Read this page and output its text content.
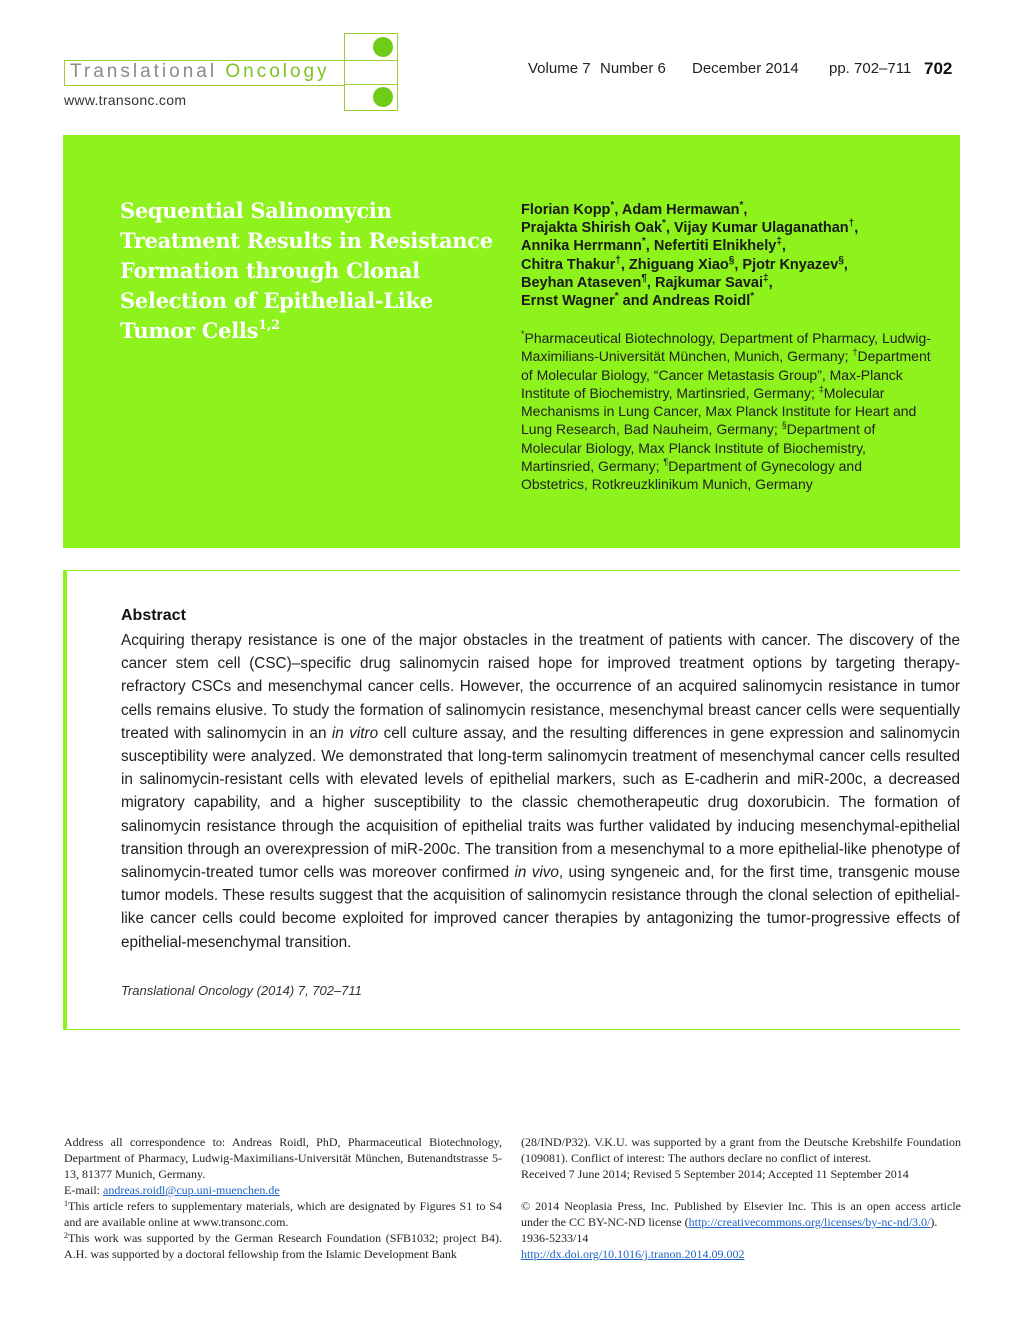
Translational Oncology
www.transonc.com
Volume 7 Number 6 December 2014 pp. 702–711 702
Sequential Salinomycin Treatment Results in Resistance Formation through Clonal Selection of Epithelial-Like Tumor Cells$^{1,2}$
Florian Kopp*, Adam Hermawan*,
Prajakta Shirish Oak*, Vijay Kumar Ulaganathan†,
Annika Herrmann*, Nefertiti Elnikhely‡,
Chitra Thakur†, Zhiguang Xiao§, Pjotr Knyazev§,
Beyhan Ataseven¶, Rajkumar Savai‡,
Ernst Wagner* and Andreas Roidl*
*Pharmaceutical Biotechnology, Department of Pharmacy, Ludwig-Maximilians-Universität München, Munich, Germany; †Department of Molecular Biology, “Cancer Metastasis Group”, Max-Planck Institute of Biochemistry, Martinsried, Germany; ‡Molecular Mechanisms in Lung Cancer, Max Planck Institute for Heart and Lung Research, Bad Nauheim, Germany; §Department of Molecular Biology, Max Planck Institute of Biochemistry, Martinsried, Germany; ¶Department of Gynecology and Obstetrics, Rotkreuzklinikum Munich, Germany
Abstract
Acquiring therapy resistance is one of the major obstacles in the treatment of patients with cancer. The discovery of the cancer stem cell (CSC)–specific drug salinomycin raised hope for improved treatment options by targeting therapy-refractory CSCs and mesenchymal cancer cells. However, the occurrence of an acquired salinomycin resistance in tumor cells remains elusive. To study the formation of salinomycin resistance, mesenchymal breast cancer cells were sequentially treated with salinomycin in an in vitro cell culture assay, and the resulting differences in gene expression and salinomycin susceptibility were analyzed. We demonstrated that long-term salinomycin treatment of mesenchymal cancer cells resulted in salinomycin-resistant cells with elevated levels of epithelial markers, such as E-cadherin and miR-200c, a decreased migratory capability, and a higher susceptibility to the classic chemotherapeutic drug doxorubicin. The formation of salinomycin resistance through the acquisition of epithelial traits was further validated by inducing mesenchymal-epithelial transition through an overexpression of miR-200c. The transition from a mesenchymal to a more epithelial-like phenotype of salinomycin-treated tumor cells was moreover confirmed in vivo, using syngeneic and, for the first time, transgenic mouse tumor models. These results suggest that the acquisition of salinomycin resistance through the clonal selection of epithelial-like cancer cells could become exploited for improved cancer therapies by antagonizing the tumor-progressive effects of epithelial-mesenchymal transition.
Translational Oncology (2014) 7, 702–711

Address all correspondence to: Andreas Roidl, PhD, Pharmaceutical Biotechnology, Department of Pharmacy, Ludwig-Maximilians-Universität München, Butenandtstrasse 5-13, 81377 Munich, Germany.

E-mail: andreas.roidl@cup.uni-muenchen.de

$^1$This article refers to supplementary materials, which are designated by Figures S1 to S4 and are available online at www.transonc.com.

$^2$This work was supported by the German Research Foundation (SFB1032; project B4). A.H. was supported by a doctoral fellowship from the Islamic Development Bank

(28/IND/P32). V.K.U. was supported by a grant from the Deutsche Krebshilfe Foundation (109081). Conflict of interest: The authors declare no conflict of interest.

Received 7 June 2014; Revised 5 September 2014; Accepted 11 September 2014

© 2014 Neoplasia Press, Inc. Published by Elsevier Inc. This is an open access article under the CC BY-NC-ND license (http://creativecommons.org/licenses/by-nc-nd/3.0/).

1936-5233/14

http://dx.doi.org/10.1016/j.tranon.2014.09.002
